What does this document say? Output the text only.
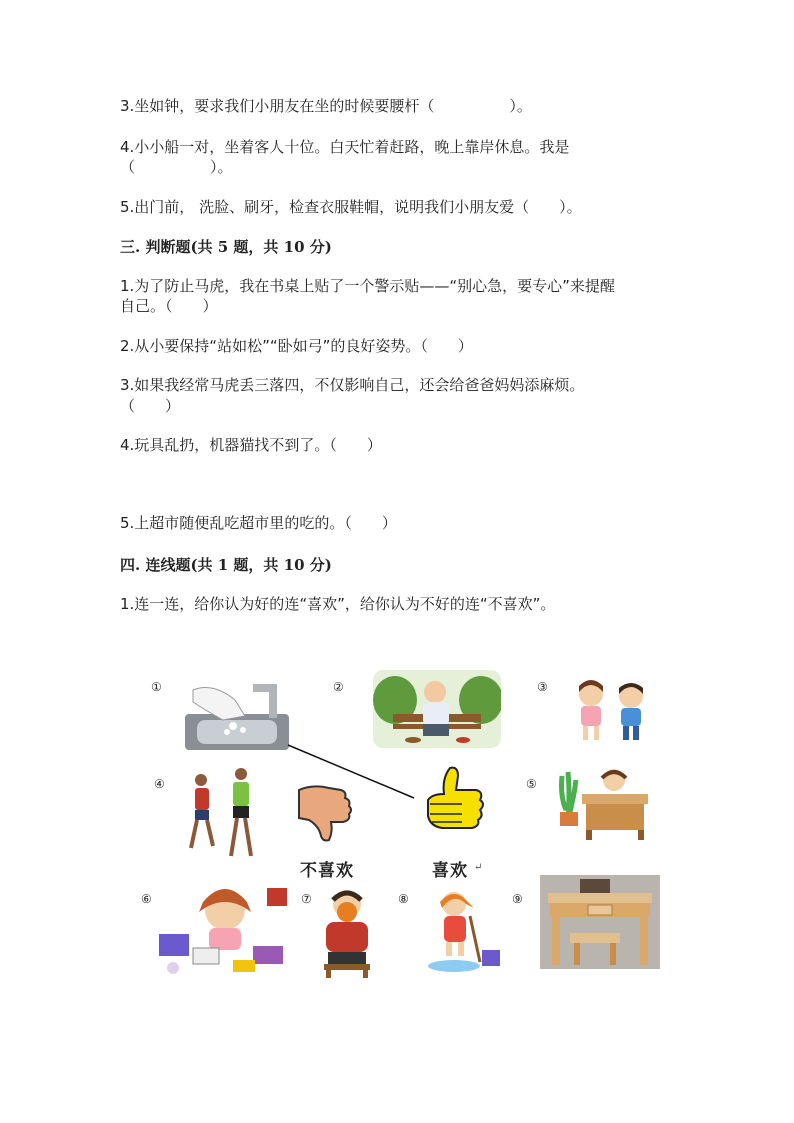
3.坐如钟，要求我们小朋友在坐的时候要腰杆（　　　　　）。
4.小小船一对，坐着客人十位。白天忙着赶路，晚上靠岸休息。我是
（　　　　　）。
5.出门前， 洗脸、刷牙，检查衣服鞋帽，说明我们小朋友爱（　　）。
三. 判断题(共 5 题，共 10 分)
1.为了防止马虎，我在书桌上贴了一个警示贴——“别心急，要专心”来提醒
自己。（　　）
2.从小要保持“站如松”“卧如弓”的良好姿势。（　　）
3.如果我经常马虎丢三落四，不仅影响自己，还会给爸爸妈妈添麻烦。
（　　）
4.玩具乱扔，机器猫找不到了。（　　）
5.上超市随便乱吃超市里的吃的。（　　）
四. 连线题(共 1 题，共 10 分)
1.连一连，给你认为好的连“喜欢”，给你认为不好的连“不喜欢”。
①	②	③
④	⑤
⑥	⑦	⑧	⑨
不喜欢	喜欢 ↵
